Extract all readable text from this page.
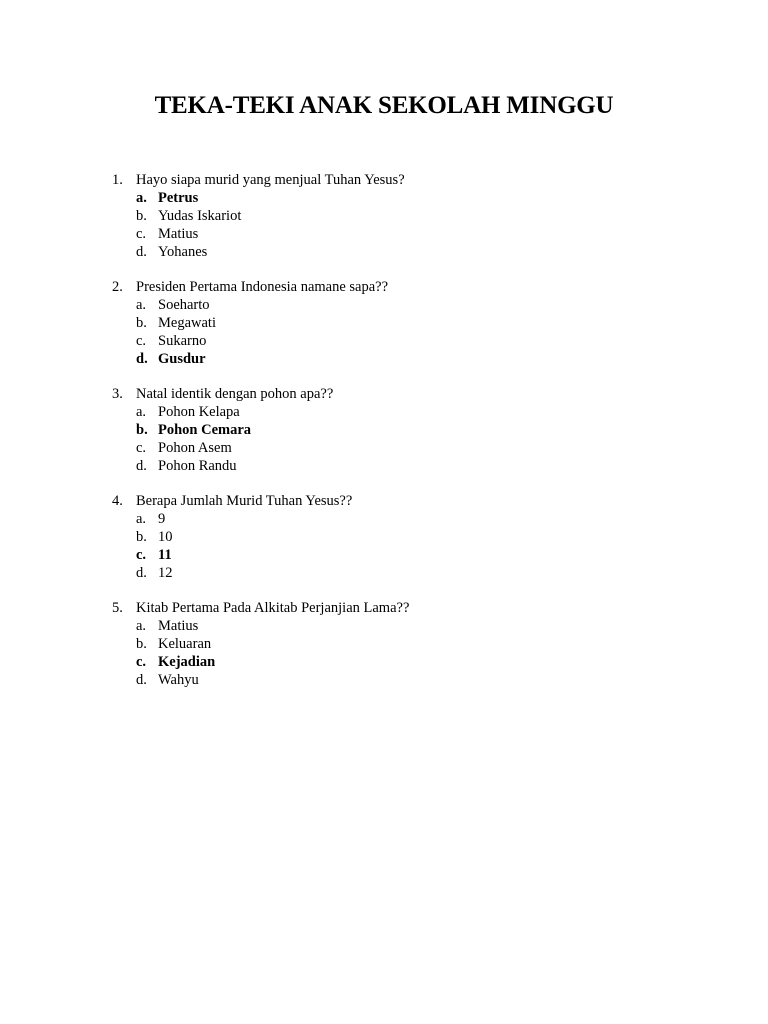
TEKA-TEKI ANAK SEKOLAH MINGGU
1. Hayo siapa murid yang menjual Tuhan Yesus?
a. Petrus
b. Yudas Iskariot
c. Matius
d. Yohanes
2. Presiden Pertama Indonesia namane sapa??
a. Soeharto
b. Megawati
c. Sukarno
d. Gusdur
3. Natal identik dengan pohon apa??
a. Pohon Kelapa
b. Pohon Cemara
c. Pohon Asem
d. Pohon Randu
4. Berapa Jumlah Murid Tuhan Yesus??
a. 9
b. 10
c. 11
d. 12
5. Kitab Pertama Pada Alkitab Perjanjian Lama??
a. Matius
b. Keluaran
c. Kejadian
d. Wahyu
